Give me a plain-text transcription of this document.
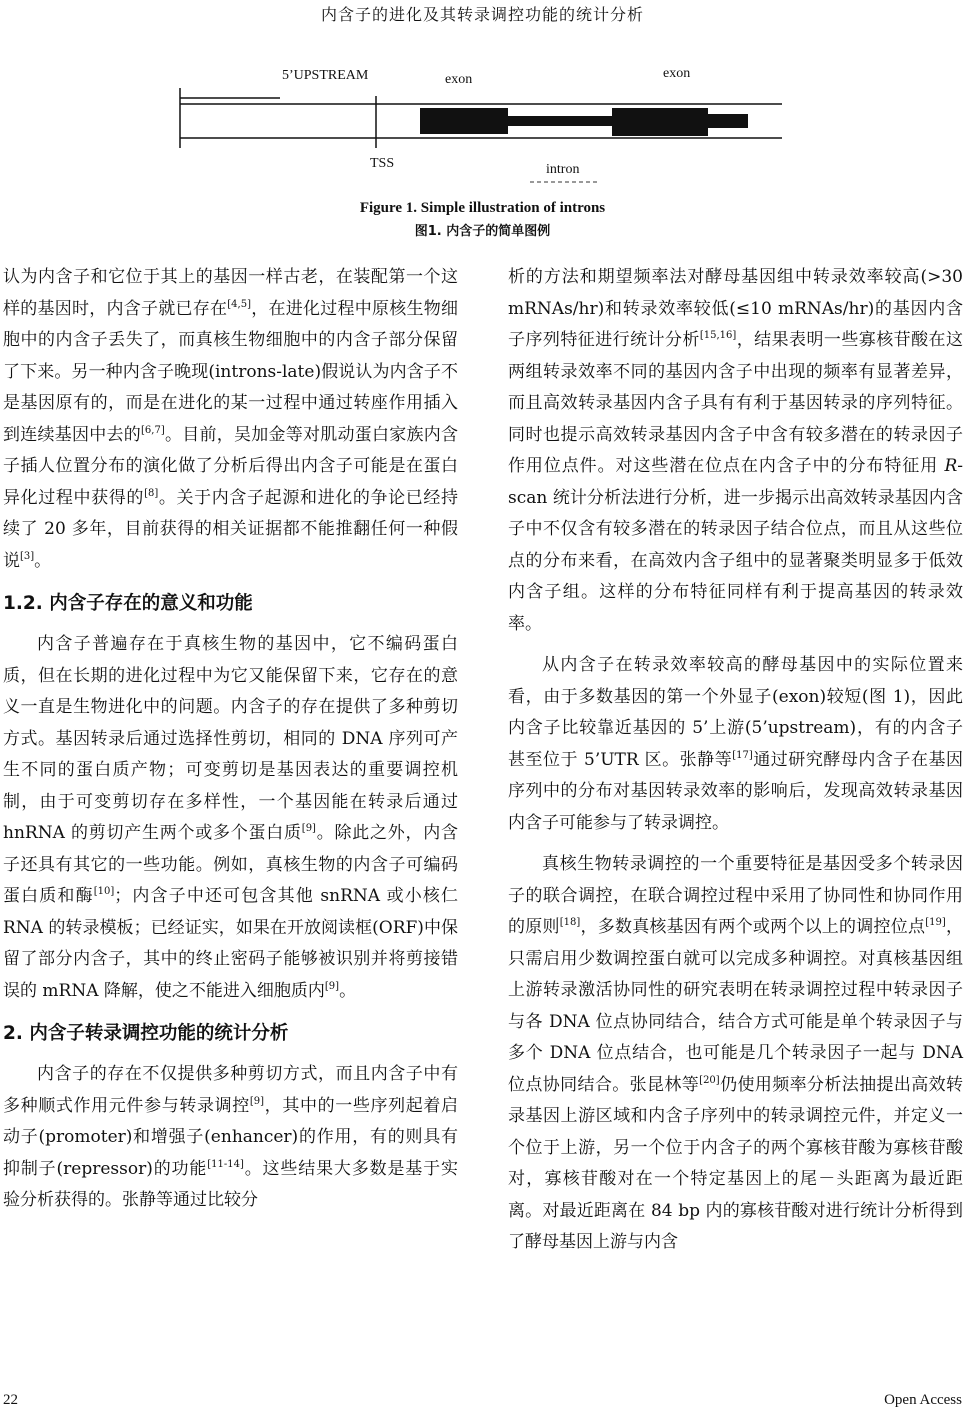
内含子的进化及其转录调控功能的统计分析
5’UPSTREAM	exon	exon
TSS	intron
Figure 1. Simple illustration of introns
图1. 内含子的简单图例

认为内含子和它位于其上的基因一样古老，在装配第一个这样的基因时，内含子就已存在[4,5]，在进化过程中原核生物细胞中的内含子丢失了，而真核生物细胞中的内含子部分保留了下来。另一种内含子晚现(introns-late)假说认为内含子不是基因原有的，而是在进化的某一过程中通过转座作用插入到连续基因中去的[6,7]。目前，吴加金等对肌动蛋白家族内含子插人位置分布的演化做了分析后得出内含子可能是在蛋白异化过程中获得的[8]。关于内含子起源和进化的争论已经持续了 20 多年，目前获得的相关证据都不能推翻任何一种假说[3]。

1.2. 内含子存在的意义和功能

内含子普遍存在于真核生物的基因中，它不编码蛋白质，但在长期的进化过程中为它又能保留下来，它存在的意义一直是生物进化中的问题。内含子的存在提供了多种剪切方式。基因转录后通过选择性剪切，相同的 DNA 序列可产生不同的蛋白质产物；可变剪切是基因表达的重要调控机制，由于可变剪切存在多样性，一个基因能在转录后通过 hnRNA 的剪切产生两个或多个蛋白质[9]。除此之外，内含子还具有其它的一些功能。例如，真核生物的内含子可编码蛋白质和酶[10]；内含子中还可包含其他 snRNA 或小核仁 RNA 的转录模板；已经证实，如果在开放阅读框(ORF)中保留了部分内含子，其中的终止密码子能够被识别并将剪接错误的 mRNA 降解，使之不能进入细胞质内[9]。

2. 内含子转录调控功能的统计分析

内含子的存在不仅提供多种剪切方式，而且内含子中有多种顺式作用元件参与转录调控[9]，其中的一些序列起着启动子(promoter)和增强子(enhancer)的作用，有的则具有抑制子(repressor)的功能[11-14]。这些结果大多数是基于实验分析获得的。张静等通过比较分

析的方法和期望频率法对酵母基因组中转录效率较高(>30 mRNAs/hr)和转录效率较低(≤10 mRNAs/hr)的基因内含子序列特征进行统计分析[15,16]，结果表明一些寡核苷酸在这两组转录效率不同的基因内含子中出现的频率有显著差异，而且高效转录基因内含子具有有利于基因转录的序列特征。同时也提示高效转录基因内含子中含有较多潜在的转录因子作用位点件。对这些潜在位点在内含子中的分布特征用 R-scan 统计分析法进行分析，进一步揭示出高效转录基因内含子中不仅含有较多潜在的转录因子结合位点，而且从这些位点的分布来看，在高效内含子组中的显著聚类明显多于低效内含子组。这样的分布特征同样有利于提高基因的转录效率。

从内含子在转录效率较高的酵母基因中的实际位置来看，由于多数基因的第一个外显子(exon)较短(图 1)，因此内含子比较靠近基因的 5’上游(5’upstream)，有的内含子甚至位于 5’UTR 区。张静等[17]通过研究酵母内含子在基因序列中的分布对基因转录效率的影响后，发现高效转录基因内含子可能参与了转录调控。

真核生物转录调控的一个重要特征是基因受多个转录因子的联合调控，在联合调控过程中采用了协同性和协同作用的原则[18]，多数真核基因有两个或两个以上的调控位点[19]，只需启用少数调控蛋白就可以完成多种调控。对真核基因组上游转录激活协同性的研究表明在转录调控过程中转录因子与各 DNA 位点协同结合，结合方式可能是单个转录因子与多个 DNA 位点结合，也可能是几个转录因子一起与 DNA 位点协同结合。张昆林等[20]仍使用频率分析法抽提出高效转录基因上游区域和内含子序列中的转录调控元件，并定义一个位于上游，另一个位于内含子的两个寡核苷酸为寡核苷酸对，寡核苷酸对在一个特定基因上的尾－头距离为最近距离。对最近距离在 84 bp 内的寡核苷酸对进行统计分析得到了酵母基因上游与内含

22	Open Access
